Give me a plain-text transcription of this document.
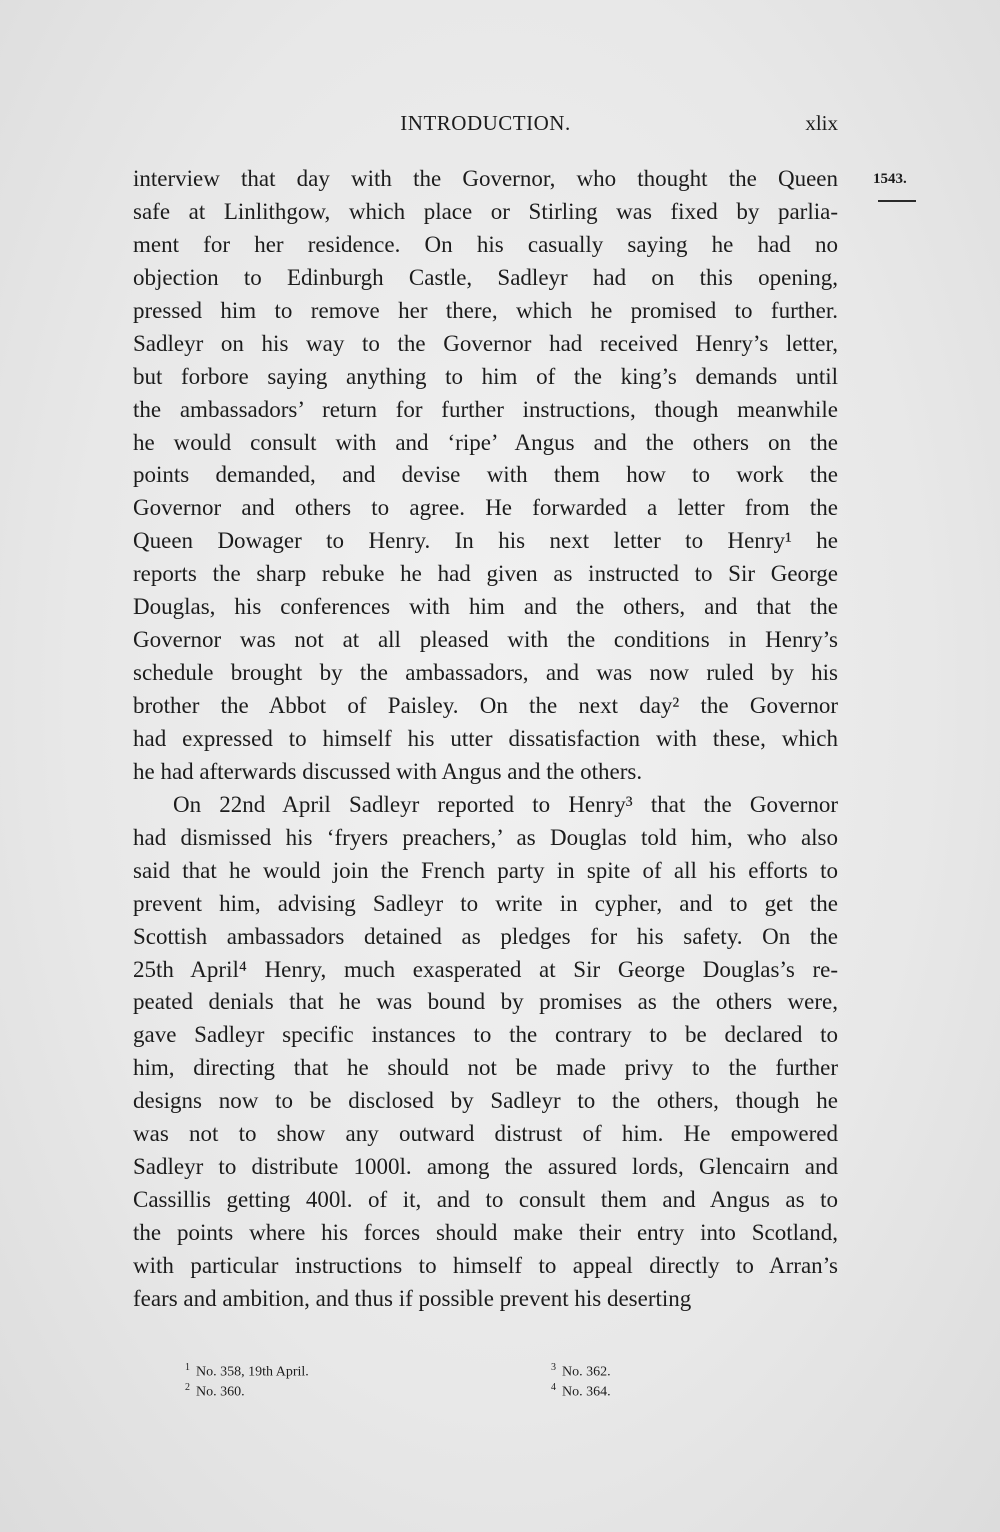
INTRODUCTION.	xlix
1543.
interview that day with the Governor, who thought the Queen
safe at Linlithgow, which place or Stirling was fixed by parlia-
ment for her residence. On his casually saying he had no
objection to Edinburgh Castle, Sadleyr had on this opening,
pressed him to remove her there, which he promised to further.
Sadleyr on his way to the Governor had received Henry’s letter,
but forbore saying anything to him of the king’s demands until
the ambassadors’ return for further instructions, though meanwhile
he would consult with and ‘ripe’ Angus and the others on the
points demanded, and devise with them how to work the
Governor and others to agree. He forwarded a letter from the
Queen Dowager to Henry. In his next letter to Henry¹ he
reports the sharp rebuke he had given as instructed to Sir George
Douglas, his conferences with him and the others, and that the
Governor was not at all pleased with the conditions in Henry’s
schedule brought by the ambassadors, and was now ruled by his
brother the Abbot of Paisley. On the next day² the Governor
had expressed to himself his utter dissatisfaction with these, which
he had afterwards discussed with Angus and the others.
On 22nd April Sadleyr reported to Henry³ that the Governor
had dismissed his ‘fryers preachers,’ as Douglas told him, who also
said that he would join the French party in spite of all his efforts to
prevent him, advising Sadleyr to write in cypher, and to get the
Scottish ambassadors detained as pledges for his safety. On the
25th April⁴ Henry, much exasperated at Sir George Douglas’s re-
peated denials that he was bound by promises as the others were,
gave Sadleyr specific instances to the contrary to be declared to
him, directing that he should not be made privy to the further
designs now to be disclosed by Sadleyr to the others, though he
was not to show any outward distrust of him. He empowered
Sadleyr to distribute 1000l. among the assured lords, Glencairn and
Cassillis getting 400l. of it, and to consult them and Angus as to
the points where his forces should make their entry into Scotland,
with particular instructions to himself to appeal directly to Arran’s
fears and ambition, and thus if possible prevent his deserting
$^1$ No. 358, 19th April.
$^2$ No. 360.
$^3$ No. 362.
$^4$ No. 364.
